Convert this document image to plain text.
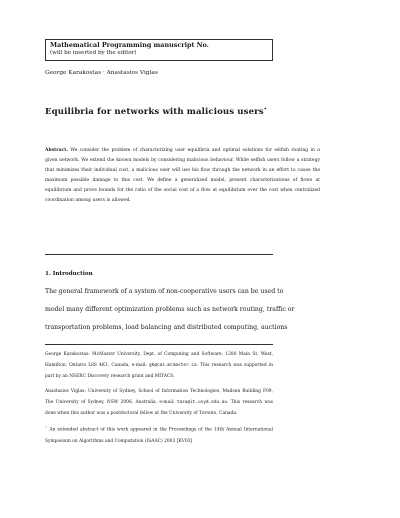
Mathematical Programming manuscript No.
(will be inserted by the editor)
George Karakostas · Anastasios Viglas
Equilibria for networks with malicious users⋆
Abstract. We consider the problem of characterizing user equilibria and optimal solutions for selfish routing in a given network. We extend the known models by considering malicious behaviour. While selfish users follow a strategy that minimizes their individual cost, a malicious user will use his flow through the network in an effort to cause the maximum possible damage to this cost. We define a generalized model, present characterizations of flows at equilibrium and prove bounds for the ratio of the social cost of a flow at equilibrium over the cost when centralized coordination among users is allowed.
1. Introduction
The general framework of a system of non-cooperative users can be used to
model many different optimization problems such as network routing, traffic or
transportation problems, load balancing and distributed computing, auctions

George Karakostas: McMaster University, Dept. of Computing and Software, 1280 Main St. West, Hamilton, Ontario L8S 4K1, Canada, e-mail: gk@cas.mcmaster.ca. This research was supported in part by an NSERC Discovery research grant and MITACS.

Anastasios Viglas: University of Sydney, School of Information Technologies, Madsen Building F09, The University of Sydney, NSW 2006, Australia, e-mail: taso@it.usyd.edu.au. This research was done when this author was a postdoctoral fellow at the University of Toronto, Canada.

⋆ An extended abstract of this work appeared in the Proceedings of the 14th Annual International Symposium on Algorithms and Computation (ISAAC) 2003 [KV03]
